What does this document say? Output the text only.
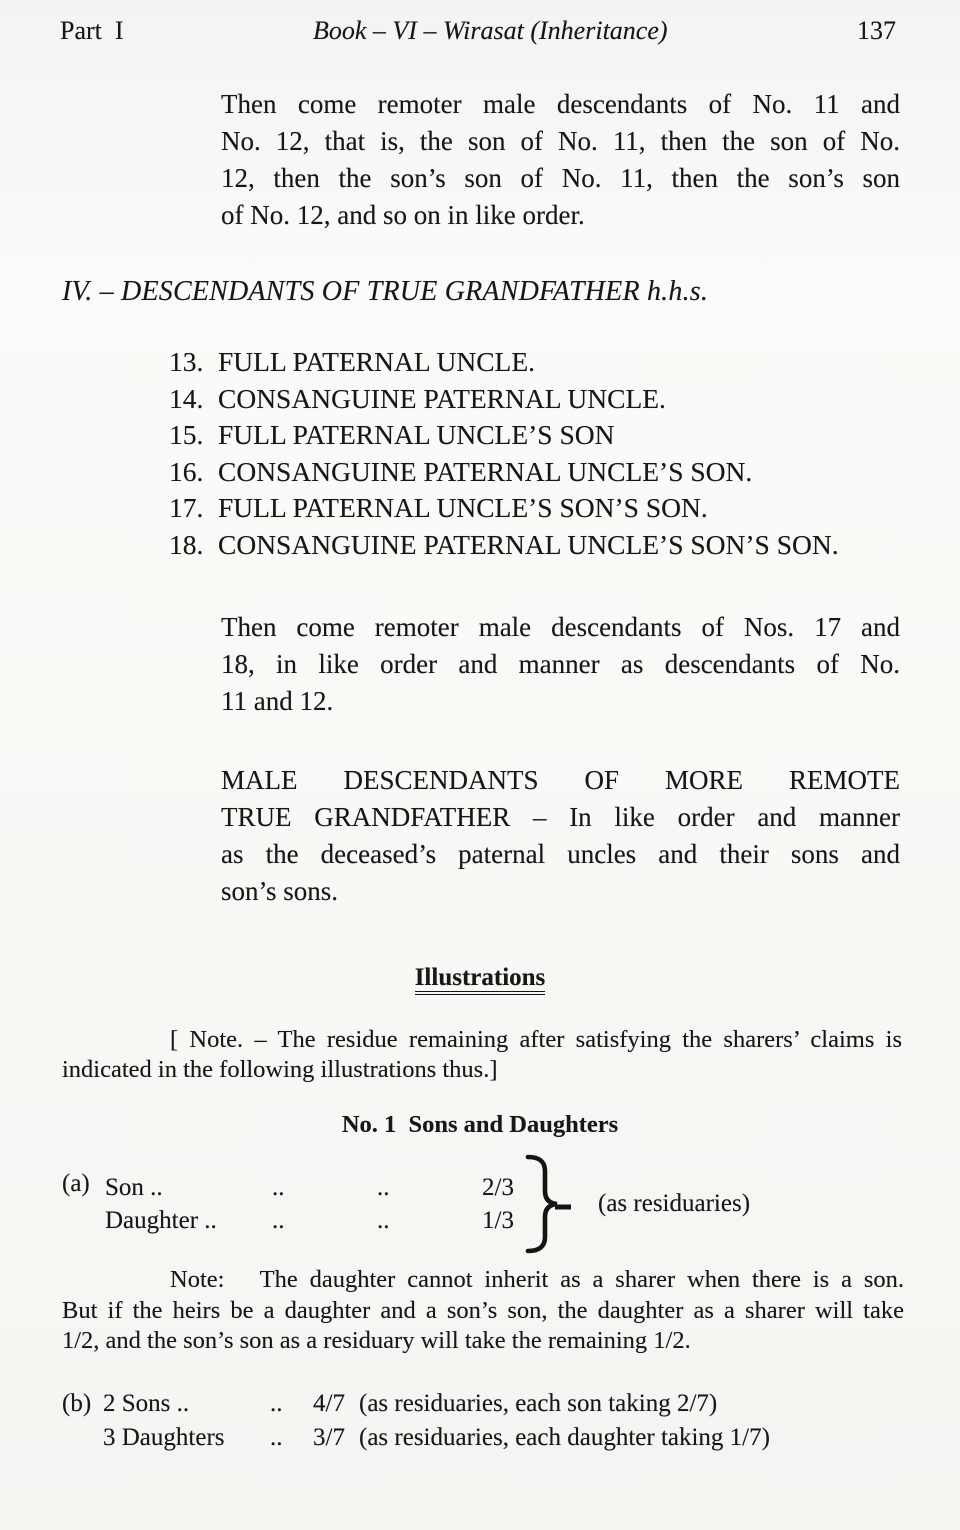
Part  I	Book – VI – Wirasat (Inheritance)	137
Then come remoter male descendants of No. 11 and
No. 12, that is, the son of No. 11, then the son of No.
12, then the son’s son of No. 11, then the son’s son
of No. 12, and so on in like order.
IV. – DESCENDANTS OF TRUE GRANDFATHER h.h.s.
13. FULL PATERNAL UNCLE.
14. CONSANGUINE PATERNAL UNCLE.
15. FULL PATERNAL UNCLE’S SON
16. CONSANGUINE PATERNAL UNCLE’S SON.
17. FULL PATERNAL UNCLE’S SON’S SON.
18. CONSANGUINE PATERNAL UNCLE’S SON’S SON.
Then come remoter male descendants of Nos. 17 and
18, in like order and manner as descendants of No.
11 and 12.
MALE DESCENDANTS OF MORE REMOTE
TRUE GRANDFATHER – In like order and manner
as the deceased’s paternal uncles and their sons and
son’s sons.
Illustrations
[ Note. – The residue remaining after satisfying the sharers’ claims is
indicated in the following illustrations thus.]
No. 1  Sons and Daughters
(a) Son ..	..	..	2/3
Daughter ..	..	..	1/3
(as residuaries)
Note:   The daughter cannot inherit as a sharer when there is a son.
But if the heirs be a daughter and a son’s son, the daughter as a sharer will take
1/2, and the son’s son as a residuary will take the remaining 1/2.
(b) 2 Sons ..	..	4/7 (as residuaries, each son taking 2/7)
3 Daughters	..	3/7 (as residuaries, each daughter taking 1/7)
